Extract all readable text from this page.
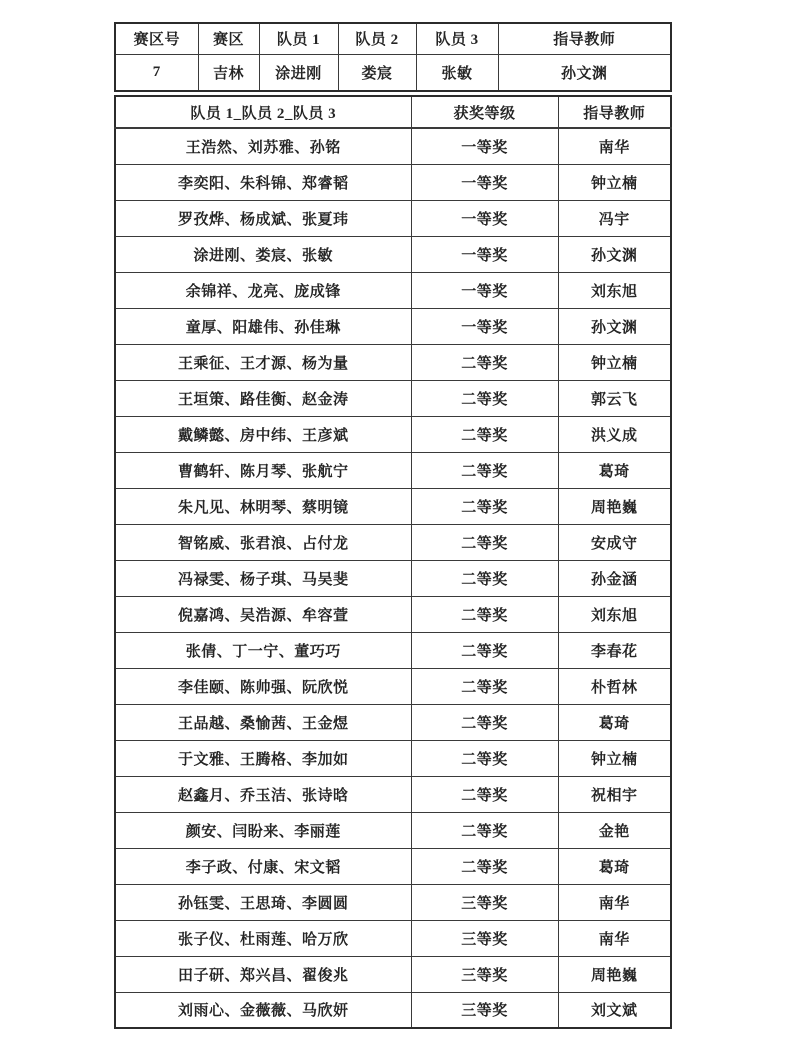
赛区号	赛区	队员 1	队员 2	队员 3	指导教师
7	吉林	涂进刚	娄宸	张敏	孙文渊
队员 1_队员 2_队员 3	获奖等级	指导教师
王浩然、刘苏雅、孙铭	一等奖	南华
李奕阳、朱科锦、郑睿韬	一等奖	钟立楠
罗孜烨、杨成斌、张夏玮	一等奖	冯宇
涂进刚、娄宸、张敏	一等奖	孙文渊
余锦祥、龙亮、庞成锋	一等奖	刘东旭
童厚、阳雄伟、孙佳琳	一等奖	孙文渊
王乘征、王才源、杨为量	二等奖	钟立楠
王垣策、路佳衡、赵金涛	二等奖	郭云飞
戴鳞懿、房中纬、王彦斌	二等奖	洪义成
曹鹤轩、陈月琴、张航宁	二等奖	葛琦
朱凡见、林明琴、蔡明镜	二等奖	周艳巍
智铭威、张君浪、占付龙	二等奖	安成守
冯禄雯、杨子琪、马吴斐	二等奖	孙金涵
倪嘉鸿、吴浩源、牟容萱	二等奖	刘东旭
张倩、丁一宁、董巧巧	二等奖	李春花
李佳颐、陈帅强、阮欣悦	二等奖	朴哲林
王品越、桑愉茜、王金煜	二等奖	葛琦
于文雅、王腾格、李加如	二等奖	钟立楠
赵鑫月、乔玉洁、张诗晗	二等奖	祝相宇
颜安、闫盼来、李丽莲	二等奖	金艳
李子政、付康、宋文韬	二等奖	葛琦
孙钰雯、王思琦、李圆圆	三等奖	南华
张子仪、杜雨莲、哈万欣	三等奖	南华
田子研、郑兴昌、翟俊兆	三等奖	周艳巍
刘雨心、金薇薇、马欣妍	三等奖	刘文斌
